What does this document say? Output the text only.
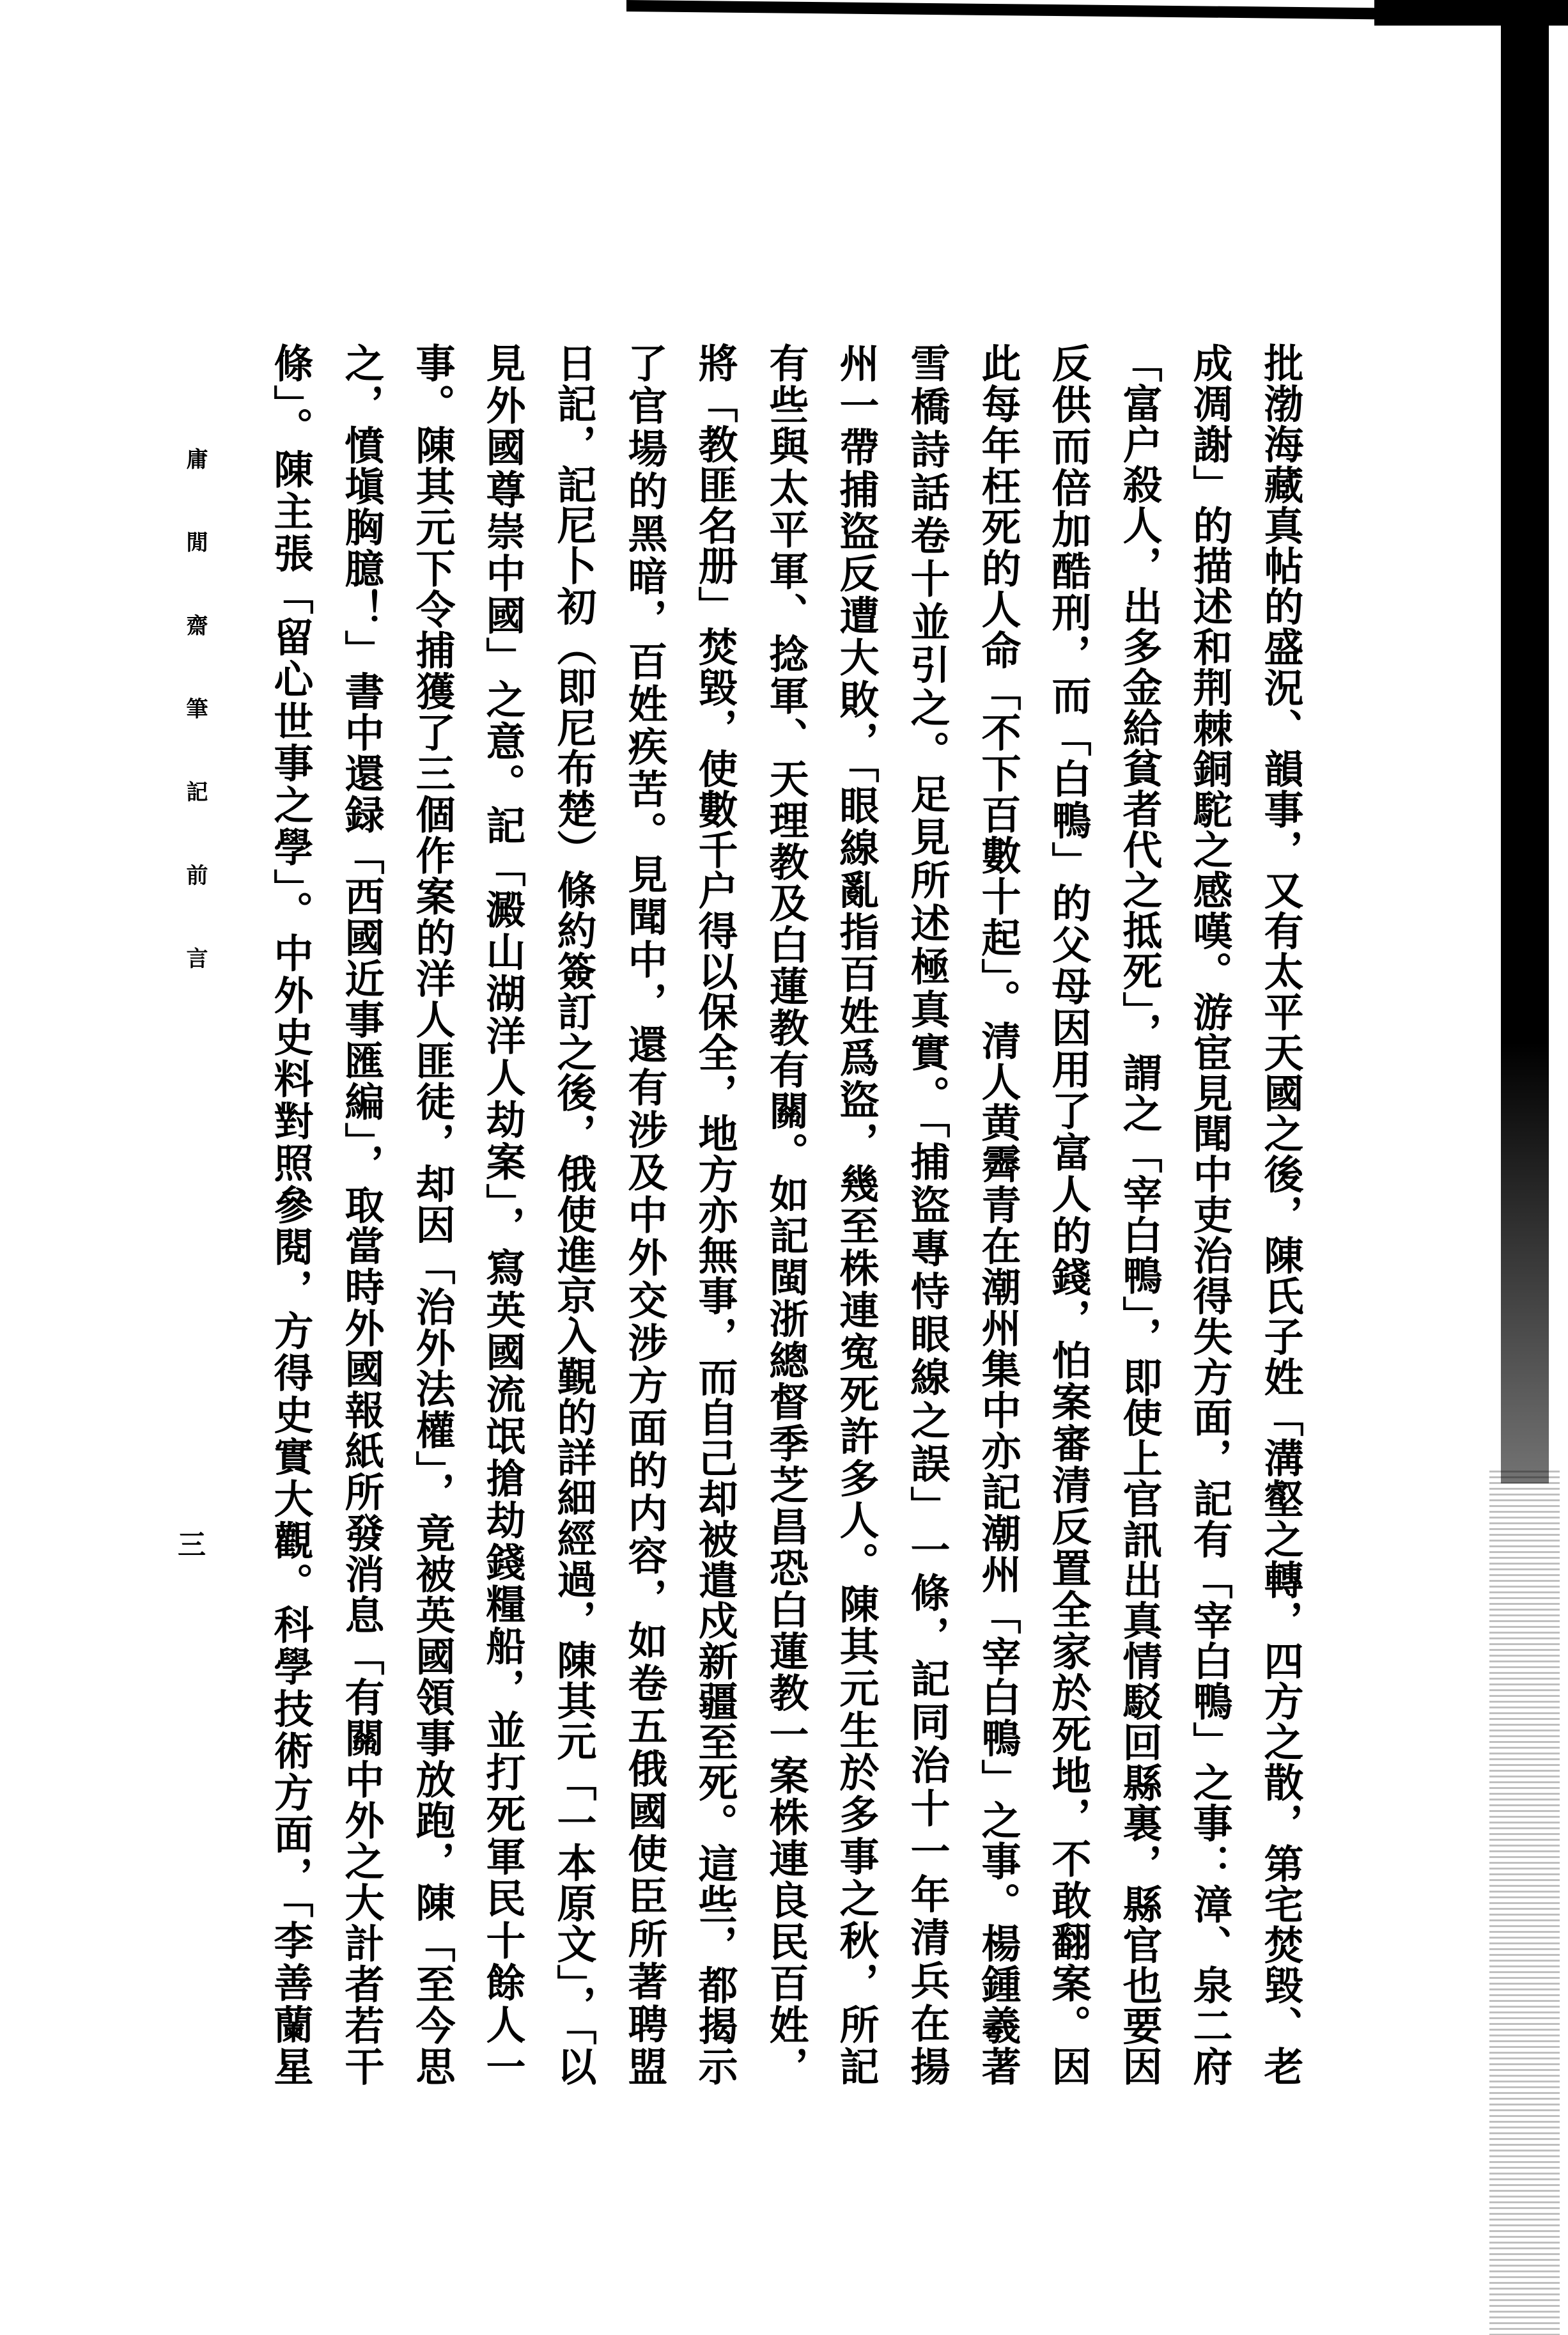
批渤海藏真帖的盛況、韻事，又有太平天國之後，陳氏子姓「溝壑之轉，四方之散，第宅焚毀、老
成凋謝」的描述和荆棘銅駝之感嘆。游宦見聞中吏治得失方面，記有「宰白鴨」之事：漳、泉二府
「富户殺人，出多金給貧者代之抵死」，謂之「宰白鴨」，即使上官訊出真情駁回縣裏，縣官也要因
反供而倍加酷刑，而「白鴨」的父母因用了富人的錢，怕案審清反置全家於死地，不敢翻案。因
此每年枉死的人命「不下百數十起」。清人黄霽青在潮州集中亦記潮州「宰白鴨」之事。楊鍾羲著
雪橋詩話卷十並引之。足見所述極真實。「捕盜專恃眼線之誤」一條，記同治十一年清兵在揚
州一帶捕盜反遭大敗，「眼線亂指百姓爲盜，幾至株連寃死許多人。陳其元生於多事之秋，所記
有些與太平軍、捻軍、天理教及白蓮教有關。如記閩浙總督季芝昌恐白蓮教一案株連良民百姓，
將「教匪名册」焚毀，使數千户得以保全，地方亦無事，而自己却被遣戍新疆至死。這些，都揭示
了官場的黑暗，百姓疾苦。見聞中，還有涉及中外交涉方面的内容，如卷五俄國使臣所著聘盟
日記，記尼卜初（即尼布楚）條約簽訂之後，俄使進京入覲的詳細經過，陳其元「一本原文」，「以
見外國尊崇中國」之意。記「澱山湖洋人劫案」，寫英國流氓搶劫錢糧船，並打死軍民十餘人一
事。陳其元下令捕獲了三個作案的洋人匪徒，却因「治外法權」，竟被英國領事放跑，陳「至今思
之，憤塡胸臆！」書中還録「西國近事匯編」，取當時外國報紙所發消息「有關中外之大計者若干
條」。陳主張「留心世事之學」。中外史料對照參閱，方得史實大觀。科學技術方面，「李善蘭星
庸閒齋筆記前言
三
